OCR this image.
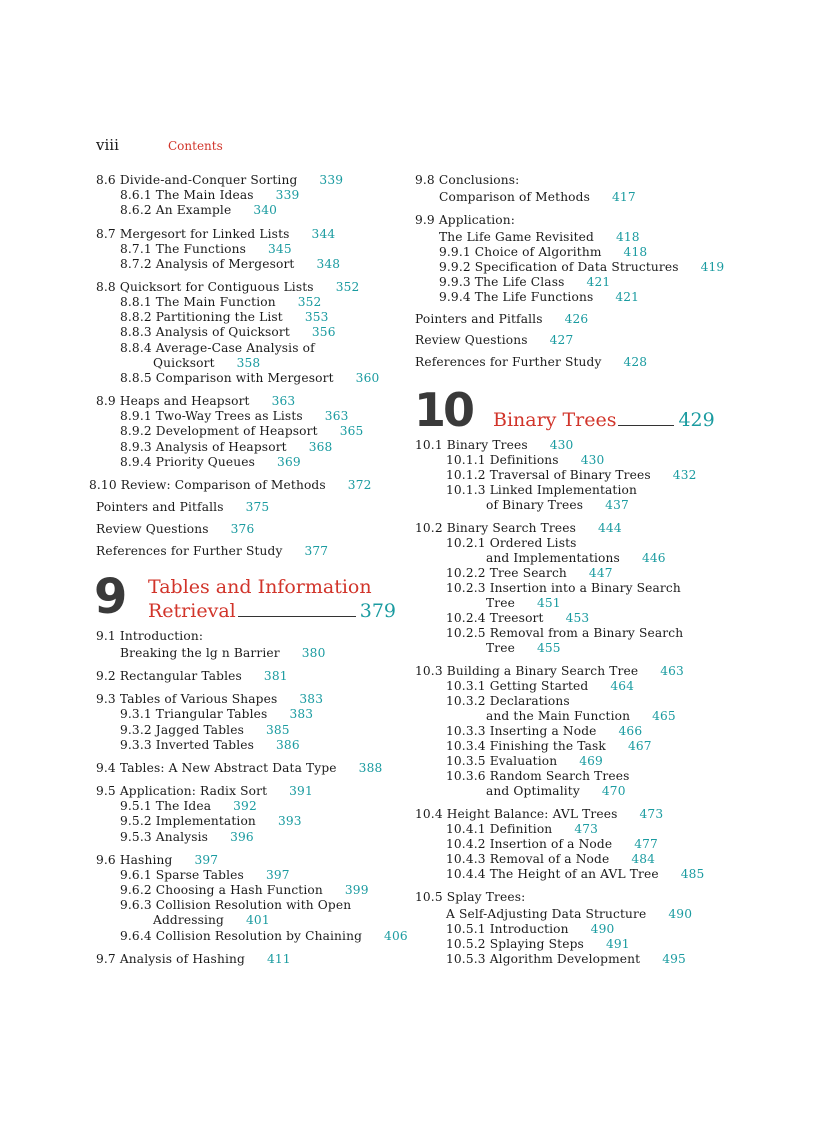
viii	Contents
8.6 Divide-and-Conquer Sorting 339
8.6.1 The Main Ideas 339
8.6.2 An Example 340
8.7 Mergesort for Linked Lists 344
8.7.1 The Functions 345
8.7.2 Analysis of Mergesort 348
8.8 Quicksort for Contiguous Lists 352
8.8.1 The Main Function 352
8.8.2 Partitioning the List 353
8.8.3 Analysis of Quicksort 356
8.8.4 Average-Case Analysis of
Quicksort 358
8.8.5 Comparison with Mergesort 360
8.9 Heaps and Heapsort 363
8.9.1 Two-Way Trees as Lists 363
8.9.2 Development of Heapsort 365
8.9.3 Analysis of Heapsort 368
8.9.4 Priority Queues 369
8.10 Review: Comparison of Methods 372
Pointers and Pitfalls 375
Review Questions 376
References for Further Study 377
9 Tables and Information
Retrieval	379
9.1 Introduction:
Breaking the lg n Barrier 380
9.2 Rectangular Tables 381
9.3 Tables of Various Shapes 383
9.3.1 Triangular Tables 383
9.3.2 Jagged Tables 385
9.3.3 Inverted Tables 386
9.4 Tables: A New Abstract Data Type 388
9.5 Application: Radix Sort 391
9.5.1 The Idea 392
9.5.2 Implementation 393
9.5.3 Analysis 396
9.6 Hashing 397
9.6.1 Sparse Tables 397
9.6.2 Choosing a Hash Function 399
9.6.3 Collision Resolution with Open
Addressing 401
9.6.4 Collision Resolution by Chaining 406
9.7 Analysis of Hashing 411
9.8 Conclusions:
Comparison of Methods 417
9.9 Application:
The Life Game Revisited 418
9.9.1 Choice of Algorithm 418
9.9.2 Specification of Data Structures 419
9.9.3 The Life Class 421
9.9.4 The Life Functions 421
Pointers and Pitfalls 426
Review Questions 427
References for Further Study 428
10 Binary Trees	429
10.1 Binary Trees 430
10.1.1 Definitions 430
10.1.2 Traversal of Binary Trees 432
10.1.3 Linked Implementation
of Binary Trees 437
10.2 Binary Search Trees 444
10.2.1 Ordered Lists
and Implementations 446
10.2.2 Tree Search 447
10.2.3 Insertion into a Binary Search
Tree 451
10.2.4 Treesort 453
10.2.5 Removal from a Binary Search
Tree 455
10.3 Building a Binary Search Tree 463
10.3.1 Getting Started 464
10.3.2 Declarations
and the Main Function 465
10.3.3 Inserting a Node 466
10.3.4 Finishing the Task 467
10.3.5 Evaluation 469
10.3.6 Random Search Trees
and Optimality 470
10.4 Height Balance: AVL Trees 473
10.4.1 Definition 473
10.4.2 Insertion of a Node 477
10.4.3 Removal of a Node 484
10.4.4 The Height of an AVL Tree 485
10.5 Splay Trees:
A Self-Adjusting Data Structure 490
10.5.1 Introduction 490
10.5.2 Splaying Steps 491
10.5.3 Algorithm Development 495
